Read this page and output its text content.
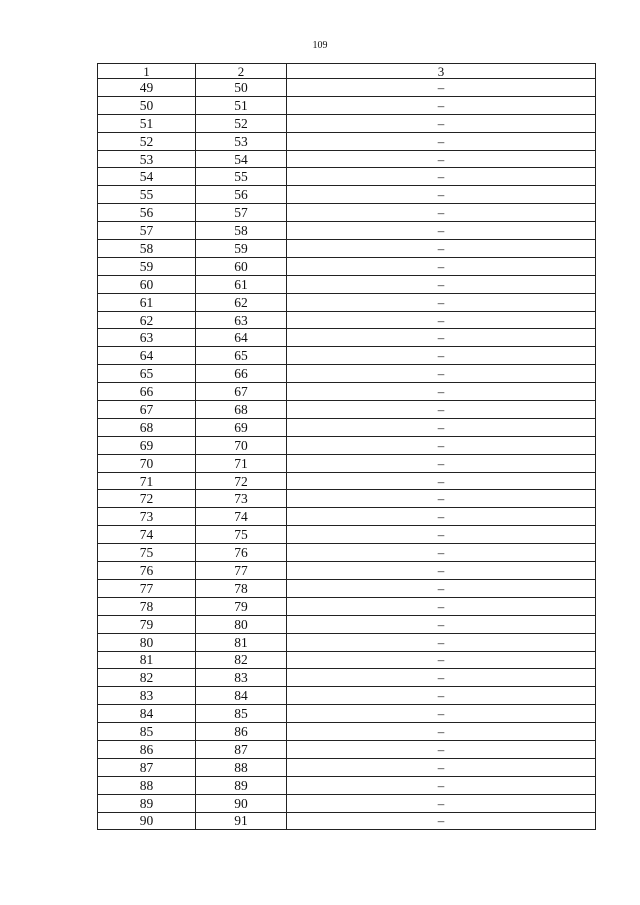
109
1	2	3
49	50	–
50	51	–
51	52	–
52	53	–
53	54	–
54	55	–
55	56	–
56	57	–
57	58	–
58	59	–
59	60	–
60	61	–
61	62	–
62	63	–
63	64	–
64	65	–
65	66	–
66	67	–
67	68	–
68	69	–
69	70	–
70	71	–
71	72	–
72	73	–
73	74	–
74	75	–
75	76	–
76	77	–
77	78	–
78	79	–
79	80	–
80	81	–
81	82	–
82	83	–
83	84	–
84	85	–
85	86	–
86	87	–
87	88	–
88	89	–
89	90	–
90	91	–
